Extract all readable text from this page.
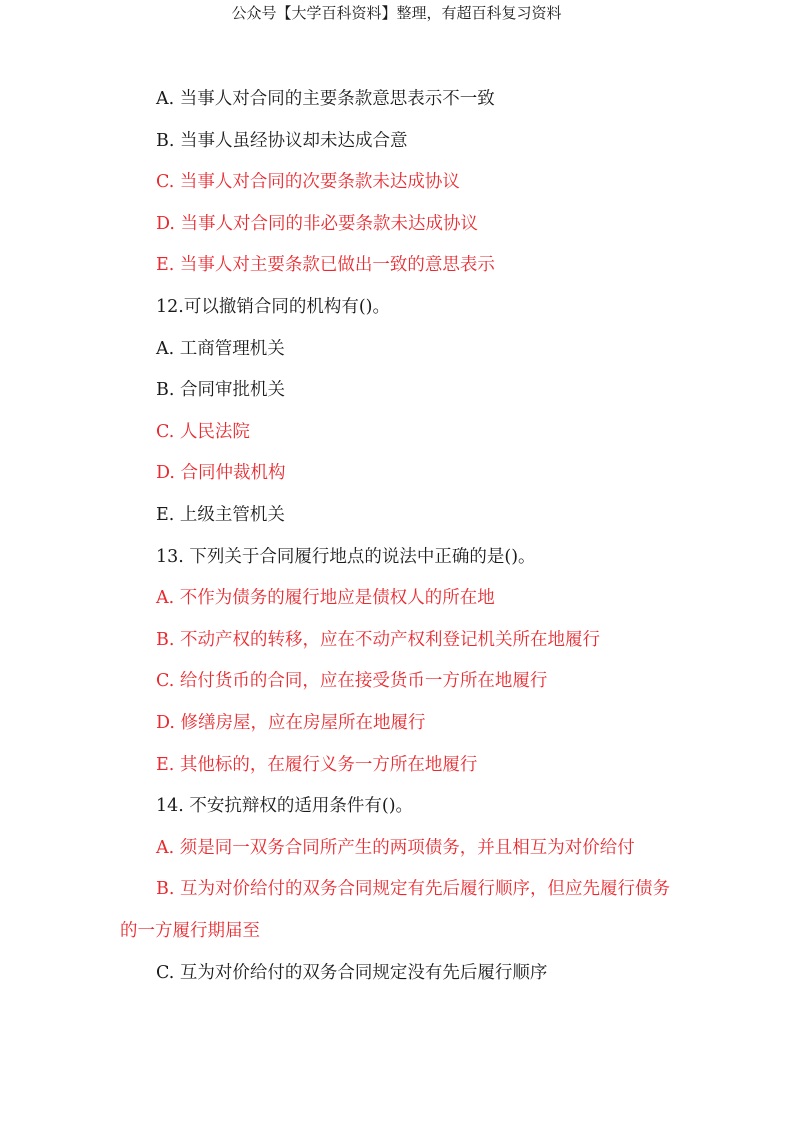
公众号【大学百科资料】整理，有超百科复习资料
A. 当事人对合同的主要条款意思表示不一致
B. 当事人虽经协议却未达成合意
C. 当事人对合同的次要条款未达成协议
D. 当事人对合同的非必要条款未达成协议
E. 当事人对主要条款已做出一致的意思表示
12.可以撤销合同的机构有()。
A. 工商管理机关
B. 合同审批机关
C. 人民法院
D. 合同仲裁机构
E. 上级主管机关
13. 下列关于合同履行地点的说法中正确的是()。
A. 不作为债务的履行地应是债权人的所在地
B. 不动产权的转移，应在不动产权利登记机关所在地履行
C. 给付货币的合同，应在接受货币一方所在地履行
D. 修缮房屋，应在房屋所在地履行
E. 其他标的，在履行义务一方所在地履行
14. 不安抗辩权的适用条件有()。
A. 须是同一双务合同所产生的两项债务，并且相互为对价给付
B. 互为对价给付的双务合同规定有先后履行顺序，但应先履行债务的一方履行期届至
C. 互为对价给付的双务合同规定没有先后履行顺序
